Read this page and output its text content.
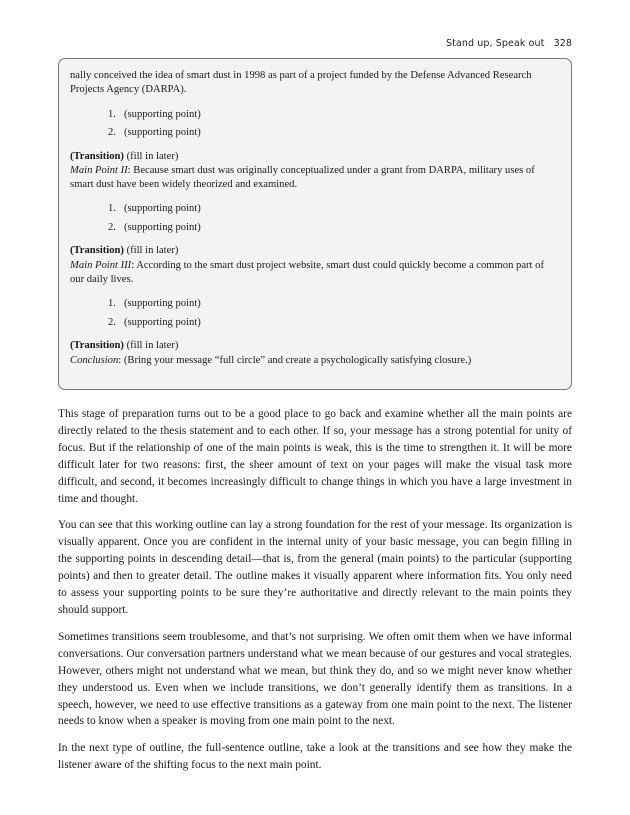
Stand up, Speak out 328

nally conceived the idea of smart dust in 1998 as part of a project funded by the Defense Advanced Research Projects Agency (DARPA).

1. (supporting point)
2. (supporting point)

(Transition) (fill in later)

Main Point II: Because smart dust was originally conceptualized under a grant from DARPA, military uses of smart dust have been widely theorized and examined.

1. (supporting point)
2. (supporting point)

(Transition) (fill in later)

Main Point III: According to the smart dust project website, smart dust could quickly become a common part of our daily lives.

1. (supporting point)
2. (supporting point)

(Transition) (fill in later)

Conclusion: (Bring your message “full circle” and create a psychologically satisfying closure.)

This stage of preparation turns out to be a good place to go back and examine whether all the main points are directly related to the thesis statement and to each other. If so, your message has a strong potential for unity of focus. But if the relationship of one of the main points is weak, this is the time to strengthen it. It will be more difficult later for two reasons: first, the sheer amount of text on your pages will make the visual task more difficult, and second, it becomes increasingly difficult to change things in which you have a large investment in time and thought.

You can see that this working outline can lay a strong foundation for the rest of your message. Its organization is visually apparent. Once you are confident in the internal unity of your basic message, you can begin filling in the supporting points in descending detail—that is, from the general (main points) to the particular (supporting points) and then to greater detail. The outline makes it visually apparent where information fits. You only need to assess your supporting points to be sure they’re authoritative and directly relevant to the main points they should support.

Sometimes transitions seem troublesome, and that’s not surprising. We often omit them when we have informal conversations. Our conversation partners understand what we mean because of our gestures and vocal strategies. However, others might not understand what we mean, but think they do, and so we might never know whether they understood us. Even when we include transitions, we don’t generally identify them as transitions. In a speech, however, we need to use effective transitions as a gateway from one main point to the next. The listener needs to know when a speaker is moving from one main point to the next.

In the next type of outline, the full-sentence outline, take a look at the transitions and see how they make the listener aware of the shifting focus to the next main point.
